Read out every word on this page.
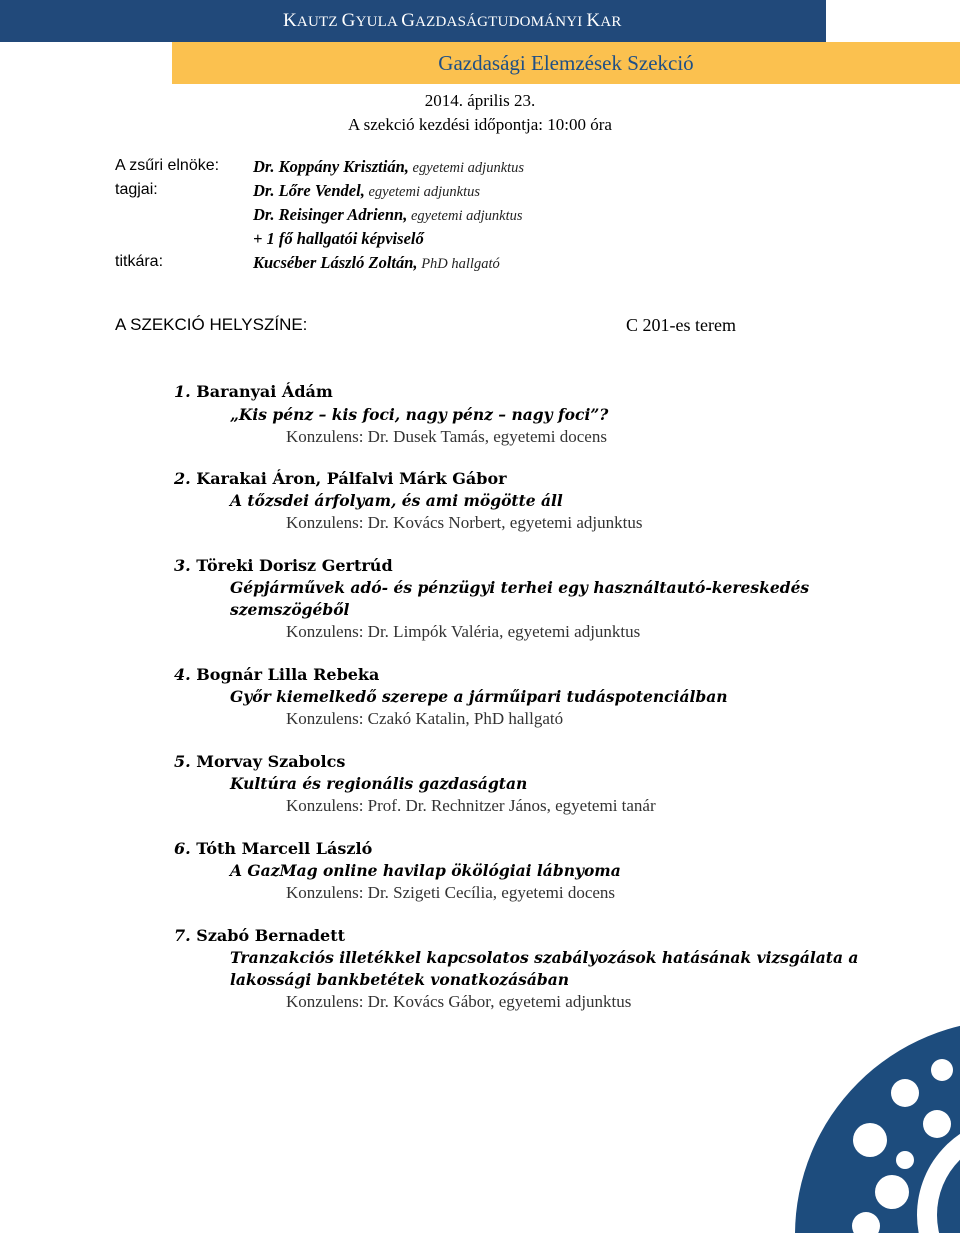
KAUTZ GYULA GAZDASÁGTUDOMÁNYI KAR
Gazdasági Elemzések Szekció
2014. április 23.
A szekció kezdési időpontja: 10:00 óra
A zsűri elnöke: Dr. Koppány Krisztián, egyetemi adjunktus
tagjai:	Dr. Lőre Vendel, egyetemi adjunktus
Dr. Reisinger Adrienn, egyetemi adjunktus
+ 1 fő hallgatói képviselő
titkára:	Kucséber László Zoltán, PhD hallgató
A SZEKCIÓ HELYSZÍNE:	C 201-es terem
1. Baranyai Ádám
„Kis pénz – kis foci, nagy pénz – nagy foci”?
Konzulens: Dr. Dusek Tamás, egyetemi docens
2. Karakai Áron, Pálfalvi Márk Gábor
A tőzsdei árfolyam, és ami mögötte áll
Konzulens: Dr. Kovács Norbert, egyetemi adjunktus
3. Töreki Dorisz Gertrúd
Gépjárművek adó- és pénzügyi terhei egy használtautó-kereskedés
szemszögéből
Konzulens: Dr. Limpók Valéria, egyetemi adjunktus
4. Bognár Lilla Rebeka
Győr kiemelkedő szerepe a járműipari tudáspotenciálban
Konzulens: Czakó Katalin, PhD hallgató
5. Morvay Szabolcs
Kultúra és regionális gazdaságtan
Konzulens: Prof. Dr. Rechnitzer János, egyetemi tanár
6. Tóth Marcell László
A GazMag online havilap ökölógiai lábnyoma
Konzulens: Dr. Szigeti Cecília, egyetemi docens
7. Szabó Bernadett
Tranzakciós illetékkel kapcsolatos szabályozások hatásának vizsgálata a
lakossági bankbetétek vonatkozásában
Konzulens: Dr. Kovács Gábor, egyetemi adjunktus
